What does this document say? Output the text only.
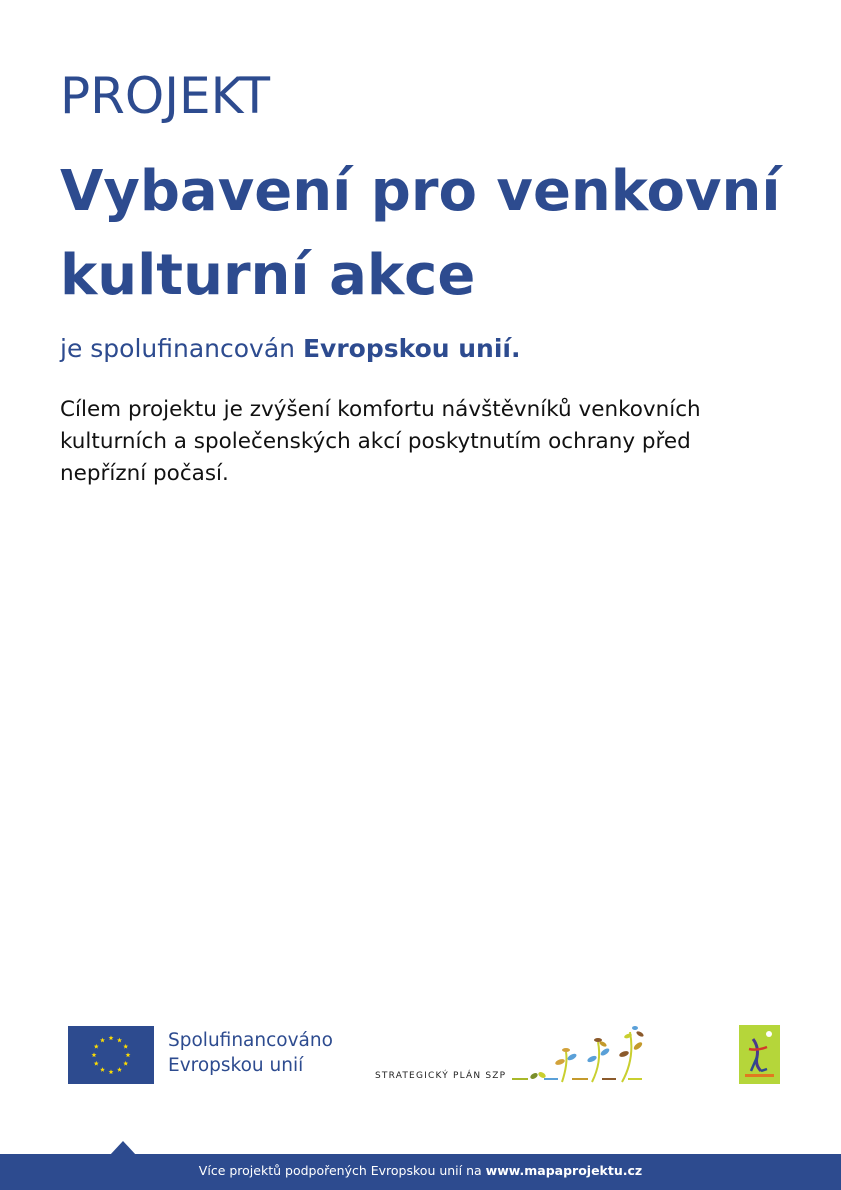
PROJEKT
Vybavení pro venkovní kulturní akce
je spolufinancován Evropskou unií.
Cílem projektu je zvýšení komfortu návštěvníků venkovních kulturních a společenských akcí poskytnutím ochrany před nepřízní počasí.
Spolufinancováno
Evropskou unií	STRATEGICKÝ PLÁN SZP
Více projektů podpořených Evropskou unií na www.mapaprojektu.cz
